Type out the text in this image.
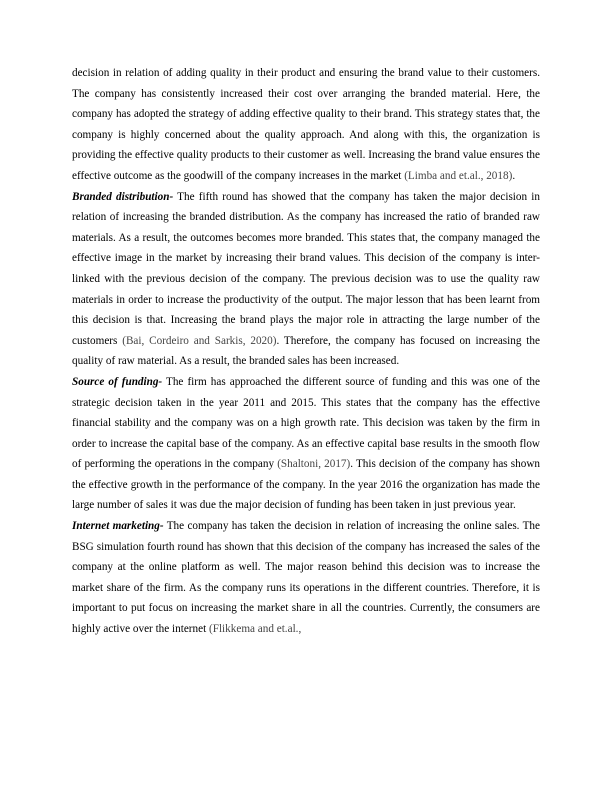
decision in relation of adding quality in their product and ensuring the brand value to their customers. The company has consistently increased their cost over arranging the branded material. Here, the company has adopted the strategy of adding effective quality to their brand. This strategy states that, the company is highly concerned about the quality approach. And along with this, the organization is providing the effective quality products to their customer as well. Increasing the brand value ensures the effective outcome as the goodwill of the company increases in the market (Limba and et.al., 2018).

Branded distribution- The fifth round has showed that the company has taken the major decision in relation of increasing the branded distribution. As the company has increased the ratio of branded raw materials. As a result, the outcomes becomes more branded. This states that, the company managed the effective image in the market by increasing their brand values. This decision of the company is inter-linked with the previous decision of the company. The previous decision was to use the quality raw materials in order to increase the productivity of the output. The major lesson that has been learnt from this decision is that. Increasing the brand plays the major role in attracting the large number of the customers (Bai, Cordeiro and Sarkis, 2020). Therefore, the company has focused on increasing the quality of raw material. As a result, the branded sales has been increased.

Source of funding- The firm has approached the different source of funding and this was one of the strategic decision taken in the year 2011 and 2015. This states that the company has the effective financial stability and the company was on a high growth rate. This decision was taken by the firm in order to increase the capital base of the company. As an effective capital base results in the smooth flow of performing the operations in the company (Shaltoni, 2017). This decision of the company has shown the effective growth in the performance of the company. In the year 2016 the organization has made the large number of sales it was due the major decision of funding has been taken in just previous year.

Internet marketing- The company has taken the decision in relation of increasing the online sales. The BSG simulation fourth round has shown that this decision of the company has increased the sales of the company at the online platform as well. The major reason behind this decision was to increase the market share of the firm. As the company runs its operations in the different countries. Therefore, it is important to put focus on increasing the market share in all the countries. Currently, the consumers are highly active over the internet (Flikkema and et.al.,
